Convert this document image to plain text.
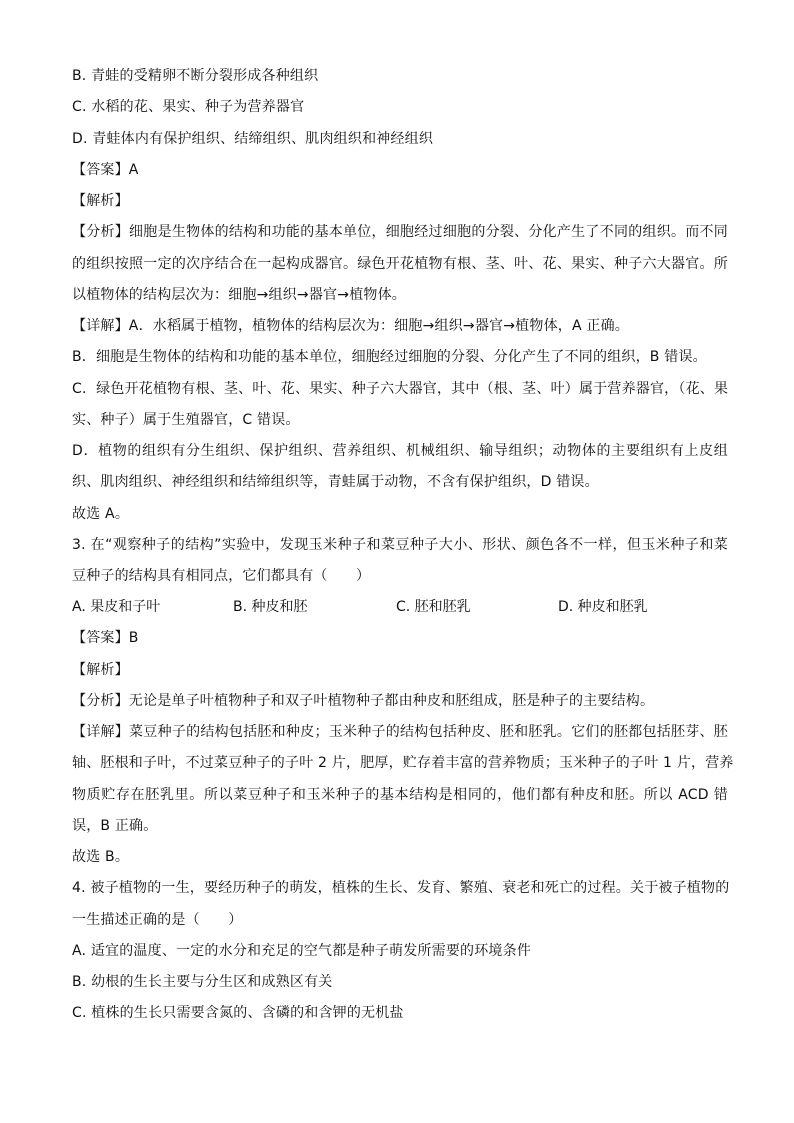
B. 青蛙的受精卵不断分裂形成各种组织
C. 水稻的花、果实、种子为营养器官
D. 青蛙体内有保护组织、结缔组织、肌肉组织和神经组织
【答案】A
【解析】
【分析】细胞是生物体的结构和功能的基本单位，细胞经过细胞的分裂、分化产生了不同的组织。而不同
的组织按照一定的次序结合在一起构成器官。绿色开花植物有根、茎、叶、花、果实、种子六大器官。所
以植物体的结构层次为：细胞→组织→器官→植物体。
【详解】A．水稻属于植物，植物体的结构层次为：细胞→组织→器官→植物体，A 正确。
B．细胞是生物体的结构和功能的基本单位，细胞经过细胞的分裂、分化产生了不同的组织，B 错误。
C．绿色开花植物有根、茎、叶、花、果实、种子六大器官，其中（根、茎、叶）属于营养器官，（花、果
实、种子）属于生殖器官，C 错误。
D．植物的组织有分生组织、保护组织、营养组织、机械组织、输导组织；动物体的主要组织有上皮组
织、肌肉组织、神经组织和结缔组织等，青蛙属于动物，不含有保护组织，D 错误。
故选 A。
3. 在“观察种子的结构”实验中，发现玉米种子和菜豆种子大小、形状、颜色各不一样，但玉米种子和菜
豆种子的结构具有相同点，它们都具有（　　）
A. 果皮和子叶	B. 种皮和胚	C. 胚和胚乳	D. 种皮和胚乳
【答案】B
【解析】
【分析】无论是单子叶植物种子和双子叶植物种子都由种皮和胚组成，胚是种子的主要结构。
【详解】菜豆种子的结构包括胚和种皮；玉米种子的结构包括种皮、胚和胚乳。它们的胚都包括胚芽、胚
轴、胚根和子叶，不过菜豆种子的子叶 2 片，肥厚，贮存着丰富的营养物质；玉米种子的子叶 1 片，营养
物质贮存在胚乳里。所以菜豆种子和玉米种子的基本结构是相同的，他们都有种皮和胚。所以 ACD 错
误，B 正确。
故选 B。
4. 被子植物的一生，要经历种子的萌发，植株的生长、发育、繁殖、衰老和死亡的过程。关于被子植物的
一生描述正确的是（　　）
A. 适宜的温度、一定的水分和充足的空气都是种子萌发所需要的环境条件
B. 幼根的生长主要与分生区和成熟区有关
C. 植株的生长只需要含氮的、含磷的和含钾的无机盐
